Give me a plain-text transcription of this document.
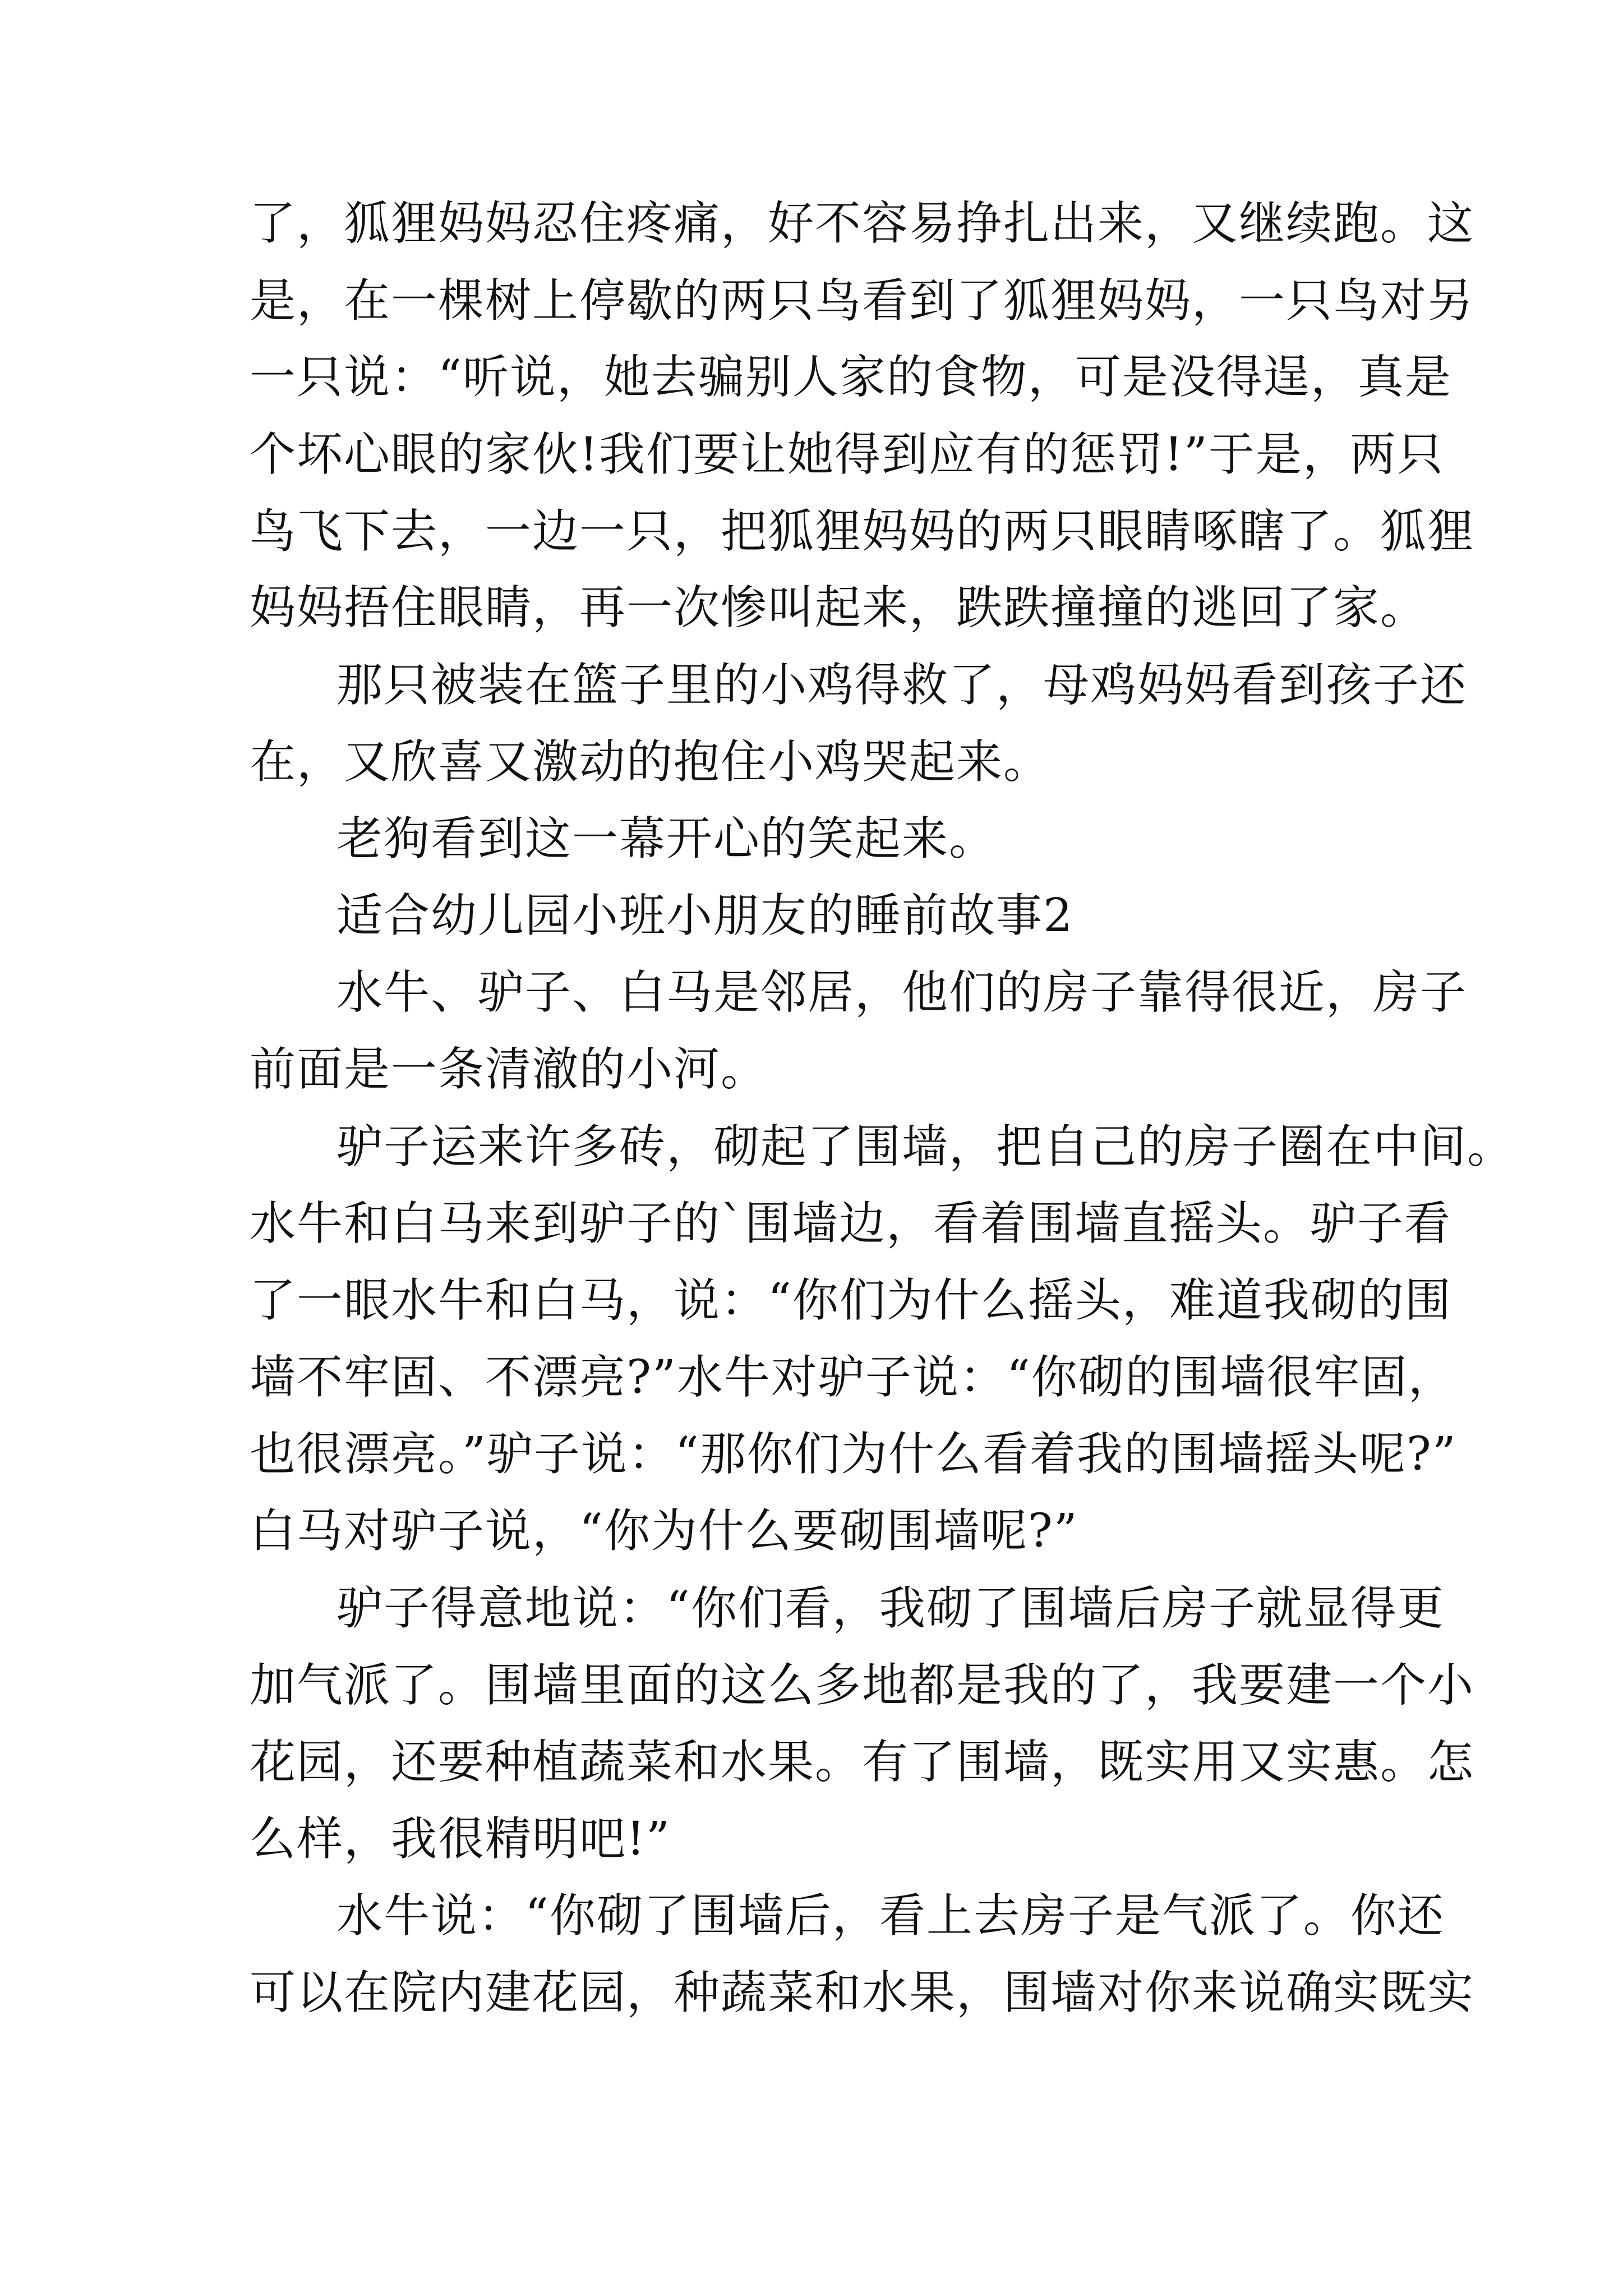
了，狐狸妈妈忍住疼痛，好不容易挣扎出来，又继续跑。这
是，在一棵树上停歇的两只鸟看到了狐狸妈妈，一只鸟对另
一只说：“听说，她去骗别人家的食物，可是没得逞，真是
个坏心眼的家伙!我们要让她得到应有的惩罚!”于是，两只
鸟飞下去，一边一只，把狐狸妈妈的两只眼睛啄瞎了。狐狸
妈妈捂住眼睛，再一次惨叫起来，跌跌撞撞的逃回了家。
那只被装在篮子里的小鸡得救了，母鸡妈妈看到孩子还
在，又欣喜又激动的抱住小鸡哭起来。
老狗看到这一幕开心的笑起来。
适合幼儿园小班小朋友的睡前故事2
水牛、驴子、白马是邻居，他们的房子靠得很近，房子
前面是一条清澈的小河。
驴子运来许多砖，砌起了围墙，把自己的房子圈在中间。
水牛和白马来到驴子的`围墙边，看着围墙直摇头。驴子看
了一眼水牛和白马，说：“你们为什么摇头，难道我砌的围
墙不牢固、不漂亮?”水牛对驴子说：“你砌的围墙很牢固，
也很漂亮。”驴子说：“那你们为什么看着我的围墙摇头呢?”
白马对驴子说，“你为什么要砌围墙呢?”
驴子得意地说：“你们看，我砌了围墙后房子就显得更
加气派了。围墙里面的这么多地都是我的了，我要建一个小
花园，还要种植蔬菜和水果。有了围墙，既实用又实惠。怎
么样，我很精明吧!”
水牛说：“你砌了围墙后，看上去房子是气派了。你还
可以在院内建花园，种蔬菜和水果，围墙对你来说确实既实
